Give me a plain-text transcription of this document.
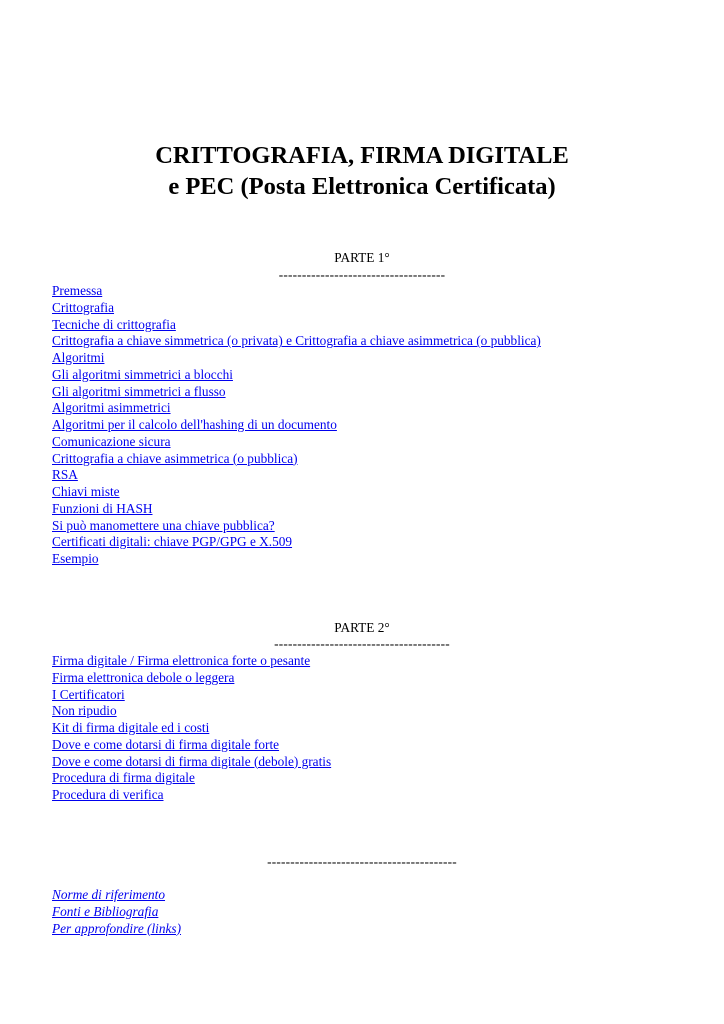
CRITTOGRAFIA, FIRMA DIGITALE
e PEC (Posta Elettronica Certificata)
PARTE 1°
------------------------------------
Premessa
Crittografia
Tecniche di crittografia
Crittografia a chiave simmetrica (o privata) e Crittografia a chiave asimmetrica (o pubblica)
Algoritmi
Gli algoritmi simmetrici a blocchi
Gli algoritmi simmetrici a flusso
Algoritmi asimmetrici
Algoritmi per il calcolo dell'hashing di un documento
Comunicazione sicura
Crittografia a chiave asimmetrica (o pubblica)
RSA
Chiavi miste
Funzioni di HASH
Si può manomettere una chiave pubblica?
Certificati digitali: chiave PGP/GPG e X.509
Esempio
PARTE 2°
--------------------------------------
Firma digitale / Firma elettronica forte o pesante
Firma elettronica debole o leggera
I Certificatori
Non ripudio
Kit di firma digitale ed i costi
Dove e come dotarsi di firma digitale forte
Dove e come dotarsi di firma digitale (debole) gratis
Procedura di firma digitale
Procedura di verifica
-----------------------------------------
Norme di riferimento
Fonti e Bibliografia
Per approfondire (links)
